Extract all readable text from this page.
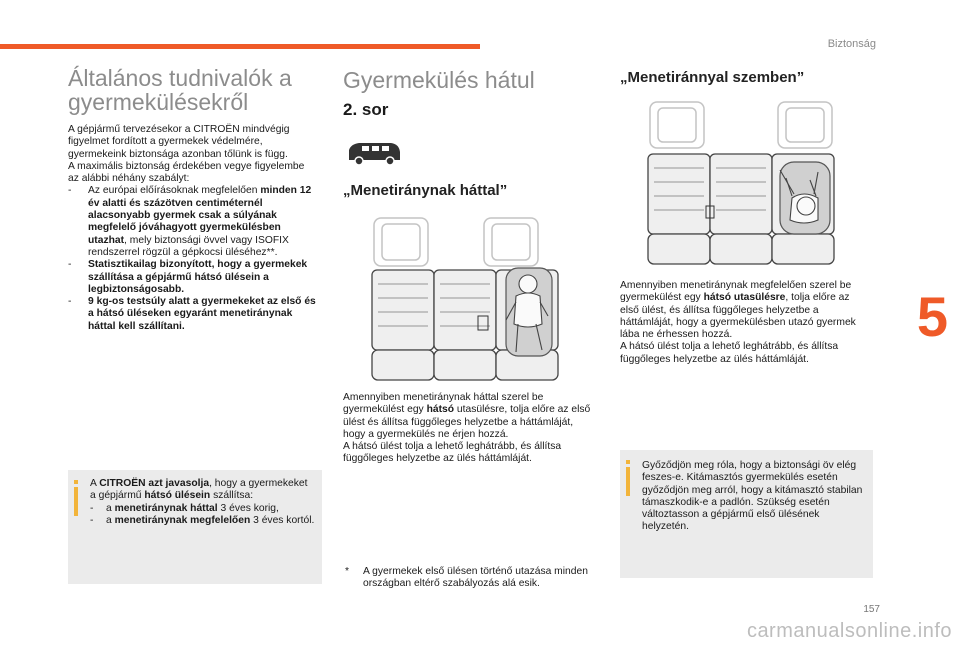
Biztonság
5
157
carmanualsonline.info
Általános tudnivalók a
gyermekülésekről

A gépjármű tervezésekor a CITROËN mindvégig figyelmet fordított a gyermekek védelmére, gyermekeink biztonsága azonban tőlünk is függ.

A maximális biztonság érdekében vegye figyelembe az alábbi néhány szabályt:

-	Az európai előírásoknak megfelelően minden 12 év alatti és százötven centiméternél alacsonyabb gyermek csak a súlyának megfelelő jóváhagyott gyermekülésben utazhat, mely biztonsági övvel vagy ISOFIX rendszerrel rögzül a gépkocsi üléséhez**.
-	Statisztikailag bizonyított, hogy a gyermekek szállítása a gépjármű hátsó ülésein a legbiztonságosabb.
-	9 kg-os testsúly alatt a gyermekeket az első és a hátsó üléseken egyaránt menetiránynak háttal kell szállítani.

A CITROËN azt javasolja, hogy a gyermekeket a gépjármű hátsó ülésein szállítsa:

-	a menetiránynak háttal 3 éves korig,
-	a menetiránynak megfelelően 3 éves kortól.
Gyermekülés hátul
2. sor
„Menetiránynak háttal”

Amennyiben menetiránynak háttal szerel be gyermekülést egy hátsó utasülésre, tolja előre az első ülést és állítsa függőleges helyzetbe a háttámláját, hogy a gyermekülés ne érjen hozzá.

A hátsó ülést tolja a lehető leghátrább, és állítsa függőleges helyzetbe az ülés háttámláját.

*	A gyermekek első ülésen történő utazása minden országban eltérő szabályozás alá esik.
„Menetiránnyal szemben”

Amennyiben menetiránynak megfelelően szerel be gyermekülést egy hátsó utasülésre, tolja előre az első ülést, és állítsa függőleges helyzetbe a háttámláját, hogy a gyermekülésben utazó gyermek lába ne érhessen hozzá.

A hátsó ülést tolja a lehető leghátrább, és állítsa függőleges helyzetbe az ülés háttámláját.

Győződjön meg róla, hogy a biztonsági öv elég feszes-e. Kitámasztós gyermekülés esetén győződjön meg arról, hogy a kitámasztó stabilan támaszkodik-e a padlón. Szükség esetén változtasson a gépjármű első ülésének helyzetén.
